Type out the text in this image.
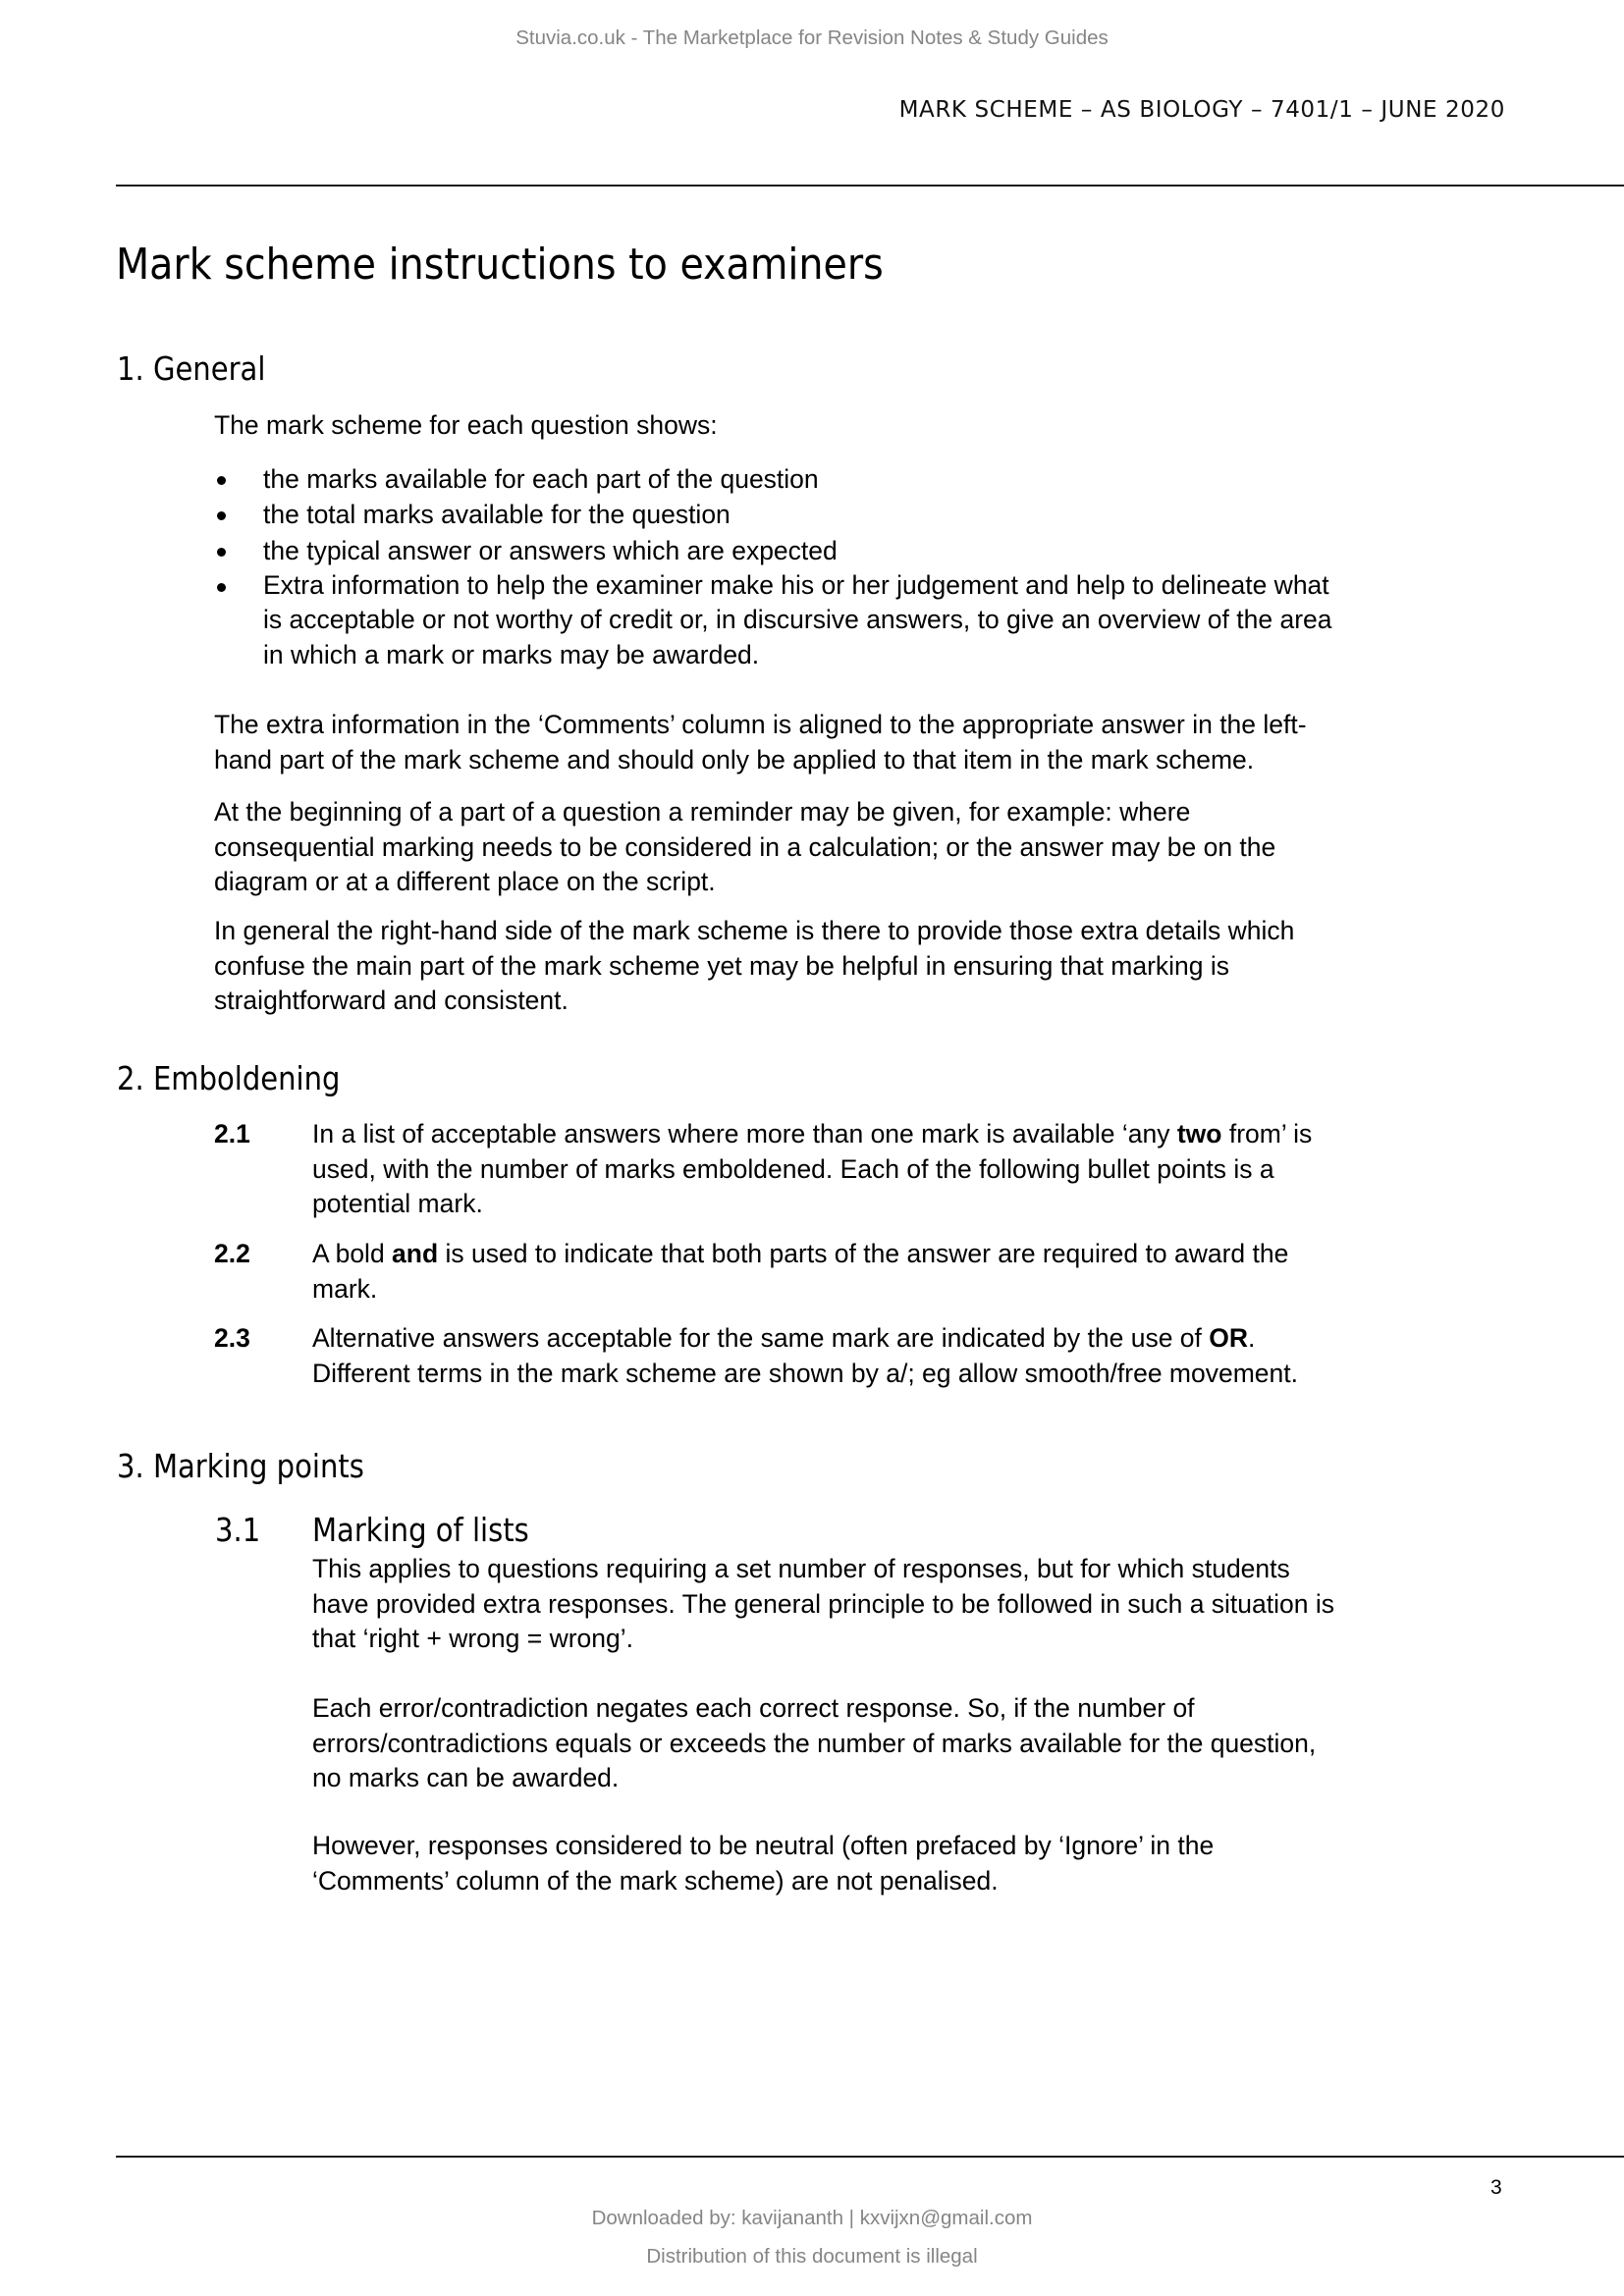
Stuvia.co.uk - The Marketplace for Revision Notes & Study Guides
MARK SCHEME – AS BIOLOGY – 7401/1 – JUNE 2020
Mark scheme instructions to examiners
1. General
The mark scheme for each question shows:
the marks available for each part of the question
the total marks available for the question
the typical answer or answers which are expected
Extra information to help the examiner make his or her judgement and help to delineate what
is acceptable or not worthy of credit or, in discursive answers, to give an overview of the area
in which a mark or marks may be awarded.
The extra information in the ‘Comments’ column is aligned to the appropriate answer in the left-
hand part of the mark scheme and should only be applied to that item in the mark scheme.
At the beginning of a part of a question a reminder may be given, for example: where
consequential marking needs to be considered in a calculation; or the answer may be on the
diagram or at a different place on the script.
In general the right-hand side of the mark scheme is there to provide those extra details which
confuse the main part of the mark scheme yet may be helpful in ensuring that marking is
straightforward and consistent.
2. Emboldening
2.1 In a list of acceptable answers where more than one mark is available ‘any two from’ is
used, with the number of marks emboldened. Each of the following bullet points is a
potential mark.
2.2 A bold and is used to indicate that both parts of the answer are required to award the
mark.
2.3 Alternative answers acceptable for the same mark are indicated by the use of OR.
Different terms in the mark scheme are shown by a/; eg allow smooth/free movement.
3. Marking points
3.1 Marking of lists
This applies to questions requiring a set number of responses, but for which students
have provided extra responses. The general principle to be followed in such a situation is
that ‘right + wrong = wrong’.
Each error/contradiction negates each correct response. So, if the number of
errors/contradictions equals or exceeds the number of marks available for the question,
no marks can be awarded.
However, responses considered to be neutral (often prefaced by ‘Ignore’ in the
‘Comments’ column of the mark scheme) are not penalised.
3
Downloaded by: kavijananth | kxvijxn@gmail.com
Distribution of this document is illegal
